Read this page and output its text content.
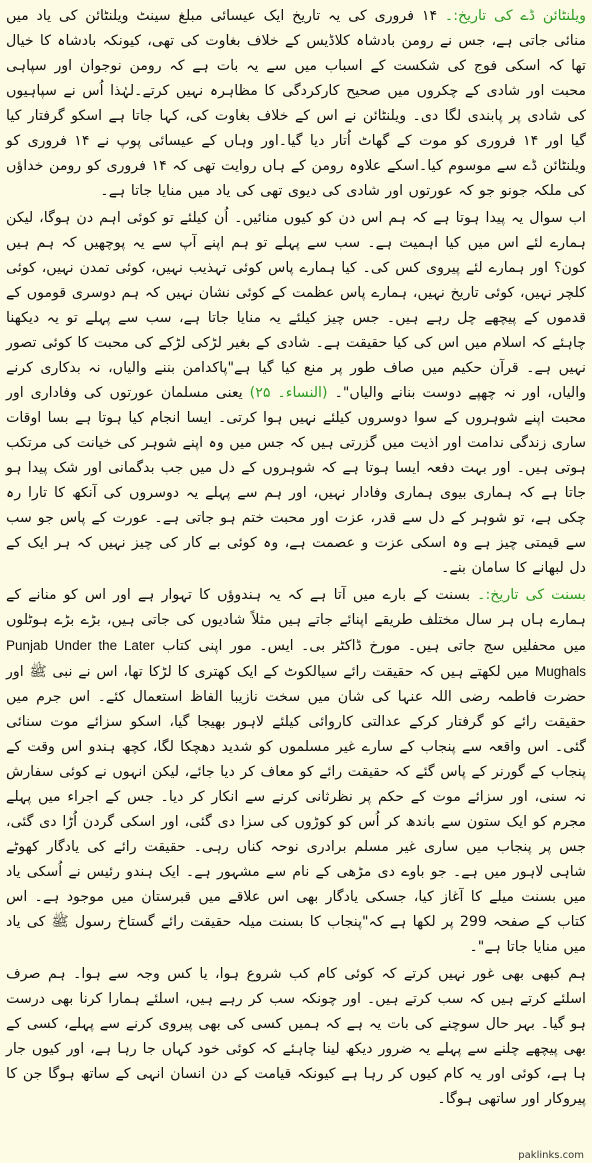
ویلنٹائن ڈے کی تاریخ:۔ ۱۴ فروری کی یہ تاریخ ایک عیسائی مبلغ سینٹ ویلنٹائن کی یاد میں منائی جاتی ہے، جس نے رومن بادشاہ کلاڈیس کے خلاف بغاوت کی تھی، کیونکہ بادشاہ کا خیال تھا کہ اسکی فوج کی شکست کے اسباب میں سے یہ بات ہے کہ رومن نوجوان اور سپاہی محبت اور شادی کے چکروں میں صحیح کارکردگی کا مظاہرہ نہیں کرتے۔لہٰذا اُس نے سپاہیوں کی شادی پر پابندی لگا دی۔ ویلنٹائن نے اس کے خلاف بغاوت کی، کہا جاتا ہے اسکو گرفتار کیا گیا اور ۱۴ فروری کو موت کے گھاٹ اُتار دیا گیا۔اور وہاں کے عیسائی پوپ نے ۱۴ فروری کو ویلنٹائن ڈے سے موسوم کیا۔اسکے علاوہ رومن کے ہاں روایت تھی کہ ۱۴ فروری کو رومن خداؤں کی ملکہ جونو جو کہ عورتوں اور شادی کی دیوی تھی کی یاد میں منایا جاتا ہے۔

اب سوال یہ پیدا ہوتا ہے کہ ہم اس دن کو کیوں منائیں۔ اُن کیلئے تو کوئی اہم دن ہوگا، لیکن ہمارے لئے اس میں کیا اہمیت ہے۔ سب سے پہلے تو ہم اپنے آپ سے یہ پوچھیں کہ ہم ہیں کون؟ اور ہمارے لئے پیروی کس کی۔ کیا ہمارے پاس کوئی تہذیب نہیں، کوئی تمدن نہیں، کوئی کلچر نہیں، کوئی تاریخ نہیں، ہمارے پاس عظمت کے کوئی نشان نہیں کہ ہم دوسری قوموں کے قدموں کے پیچھے چل رہے ہیں۔ جس چیز کیلئے یہ منایا جاتا ہے، سب سے پہلے تو یہ دیکھنا چاہئے کہ اسلام میں اس کی کیا حقیقت ہے۔ شادی کے بغیر لڑکی لڑکے کی محبت کا کوئی تصور نہیں ہے۔ قرآن حکیم میں صاف طور پر منع کیا گیا ہے"پاکدامن بننے والیاں، نہ بدکاری کرنے والیاں، اور نہ چھپے دوست بنانے والیاں"۔ (النساء۔ ۲۵) یعنی مسلمان عورتوں کی وفاداری اور محبت اپنے شوہروں کے سوا دوسروں کیلئے نہیں ہوا کرتی۔ ایسا انجام کیا ہوتا ہے بسا اوقات ساری زندگی ندامت اور اذیت میں گزرتی ہیں کہ جس میں وہ اپنے شوہر کی خیانت کی مرتکب ہوتی ہیں۔ اور بہت دفعہ ایسا ہوتا ہے کہ شوہروں کے دل میں جب بدگمانی اور شک پیدا ہو جاتا ہے کہ ہماری بیوی ہماری وفادار نہیں، اور ہم سے پہلے یہ دوسروں کی آنکھ کا تارا رہ چکی ہے، تو شوہر کے دل سے قدر، عزت اور محبت ختم ہو جاتی ہے۔ عورت کے پاس جو سب سے قیمتی چیز ہے وہ اسکی عزت و عصمت ہے، وہ کوئی بے کار کی چیز نہیں کہ ہر ایک کے دل لبھانے کا سامان بنے۔

بسنت کی تاریخ:۔ بسنت کے بارے میں آتا ہے کہ یہ ہندوؤں کا تہوار ہے اور اس کو منانے کے ہمارے ہاں ہر سال مختلف طریقے اپنائے جاتے ہیں مثلاً شادیوں کی جاتی ہیں، بڑے بڑے ہوٹلوں میں محفلیں سج جاتی ہیں۔ مورخ ڈاکٹر بی۔ ایس۔ مور اپنی کتاب Punjab Under the Later Mughals میں لکھتے ہیں کہ حقیقت رائے سیالکوٹ کے ایک کھتری کا لڑکا تھا، اس نے نبی ﷺ اور حضرت فاطمہ رضی اللہ عنہا کی شان میں سخت نازیبا الفاظ استعمال کئے۔ اس جرم میں حقیقت رائے کو گرفتار کرکے عدالتی کاروائی کیلئے لاہور بھیجا گیا، اسکو سزائے موت سنائی گئی۔ اس واقعہ سے پنجاب کے سارے غیر مسلموں کو شدید دھچکا لگا، کچھ ہندو اس وقت کے پنجاب کے گورنر کے پاس گئے کہ حقیقت رائے کو معاف کر دیا جائے، لیکن انہوں نے کوئی سفارش نہ سنی، اور سزائے موت کے حکم پر نظرثانی کرنے سے انکار کر دیا۔ جس کے اجراء میں پہلے مجرم کو ایک ستون سے باندھ کر اُس کو کوڑوں کی سزا دی گئی، اور اسکی گردن اُڑا دی گئی، جس پر پنجاب میں ساری غیر مسلم برادری نوحہ کناں رہی۔ حقیقت رائے کی یادگار کھوٹے شاہی لاہور میں ہے۔ جو باوے دی مڑھی کے نام سے مشہور ہے۔ ایک ہندو رئیس نے اُسکی یاد میں بسنت میلے کا آغاز کیا، جسکی یادگار بھی اس علاقے میں قبرستان میں موجود ہے۔ اس کتاب کے صفحہ 299 پر لکھا ہے کہ"پنجاب کا بسنت میلہ حقیقت رائے گستاخ رسول ﷺ کی یاد میں منایا جاتا ہے"۔

ہم کبھی بھی غور نہیں کرتے کہ کوئی کام کب شروع ہوا، یا کس وجہ سے ہوا۔ ہم صرف اسلئے کرتے ہیں کہ سب کرتے ہیں۔ اور چونکہ سب کر رہے ہیں، اسلئے ہمارا کرنا بھی درست ہو گیا۔ بہر حال سوچنے کی بات یہ ہے کہ ہمیں کسی کی بھی پیروی کرنے سے پہلے، کسی کے بھی پیچھے چلنے سے پہلے یہ ضرور دیکھ لینا چاہئے کہ کوئی خود کہاں جا رہا ہے، اور کیوں جار ہا ہے، کوئی اور یہ کام کیوں کر رہا ہے کیونکہ قیامت کے دن انسان انہی کے ساتھ ہوگا جن کا پیروکار اور ساتھی ہوگا۔

paklinks.com
